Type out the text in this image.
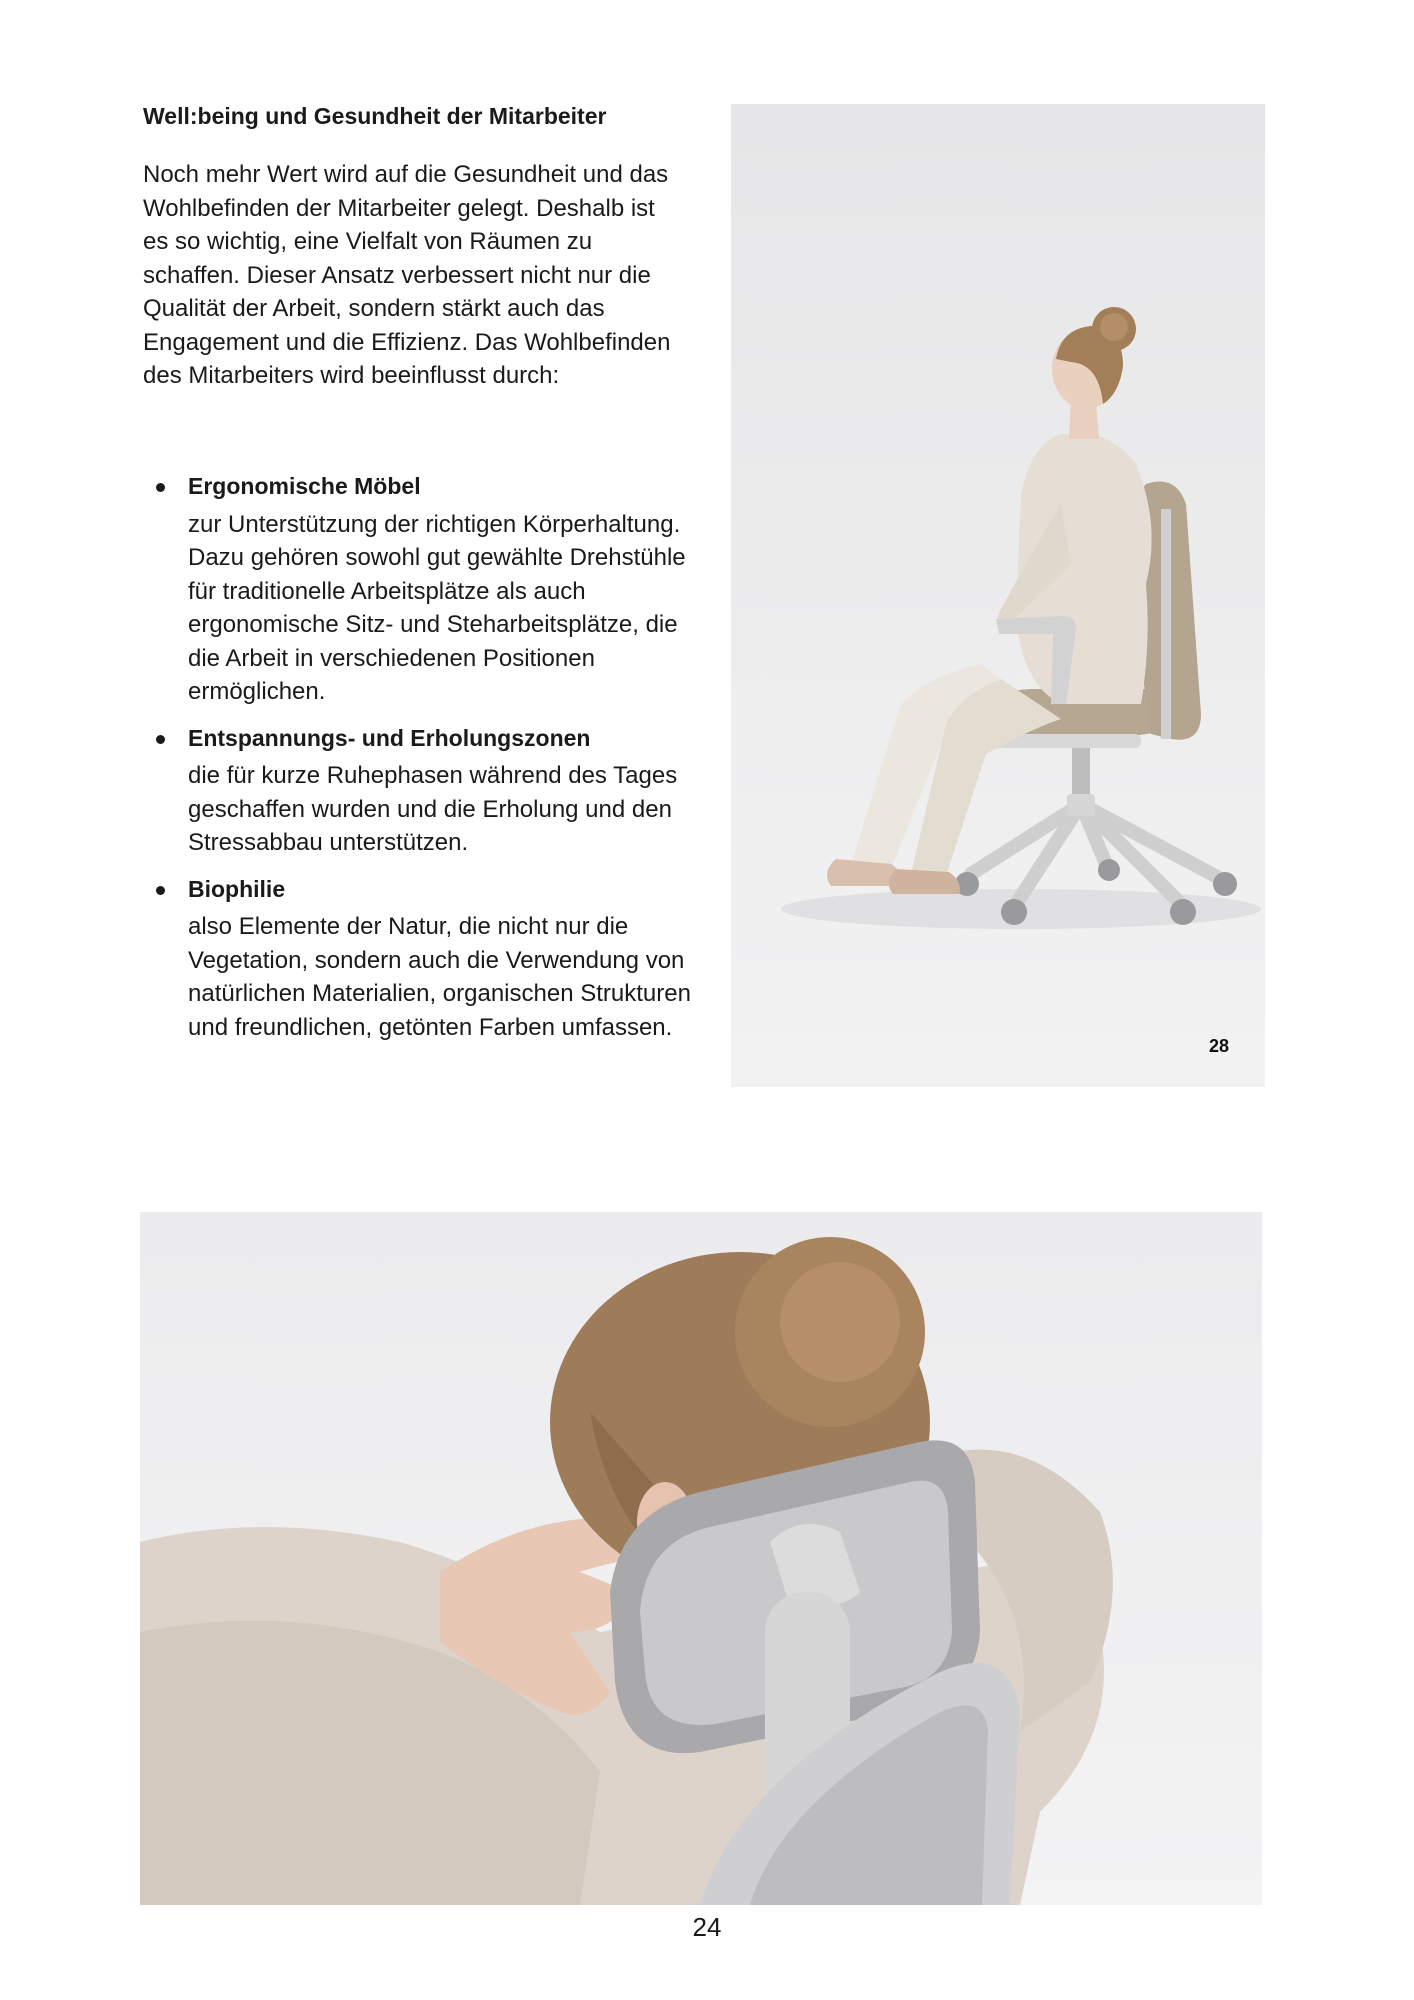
Well:being und Gesundheit der Mitarbeiter

Noch mehr Wert wird auf die Gesundheit und das Wohlbefinden der Mitarbeiter gelegt. Deshalb ist es so wichtig, eine Vielfalt von Räumen zu schaffen. Dieser Ansatz verbessert nicht nur die Qualität der Arbeit, sondern stärkt auch das Engagement und die Effizienz. Das Wohlbefinden des Mitarbeiters wird beeinflusst durch:

Ergonomische Möbel
zur Unterstützung der richtigen Körperhaltung. Dazu gehören sowohl gut gewählte Drehstühle für traditionelle Arbeitsplätze als auch ergonomische Sitz- und Steharbeitsplätze, die die Arbeit in verschiedenen Positionen ermöglichen.
Entspannungs- und Erholungszonen
die für kurze Ruhephasen während des Tages geschaffen wurden und die Erholung und den Stressabbau unterstützen.
Biophilie
also Elemente der Natur, die nicht nur die Vegetation, sondern auch die Verwendung von natürlichen Materialien, organischen Strukturen und freundlichen, getönten Farben umfassen.
28
24
